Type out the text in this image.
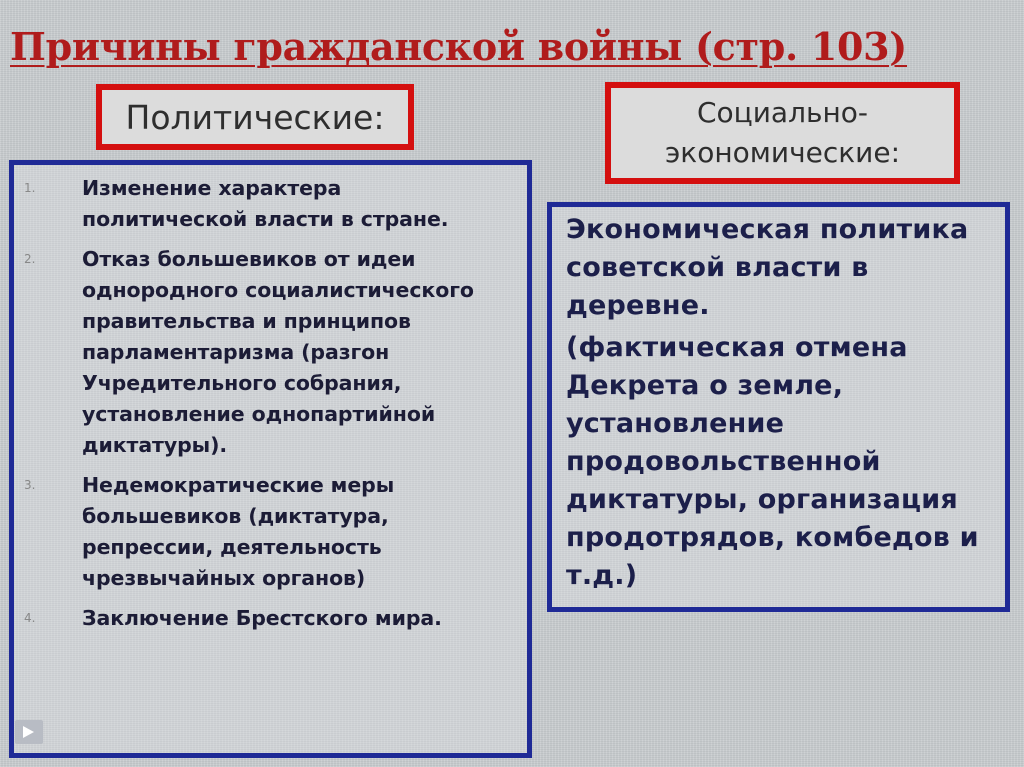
Причины гражданской войны (стр. 103)
Политические:	Социально-
экономические:
1. Изменение характера
политической власти в стране.
2. Отказ большевиков от идеи
однородного социалистического
правительства и принципов
парламентаризма (разгон
Учредительного собрания,
установление однопартийной
диктатуры).
3. Недемократические меры
большевиков (диктатура,
репрессии, деятельность
чрезвычайных органов)
4. Заключение Брестского мира.

Экономическая политика
советской власти в
деревне.

(фактическая отмена
Декрета о земле,
установление
продовольственной
диктатуры, организация
продотрядов, комбедов и
т.д.)
